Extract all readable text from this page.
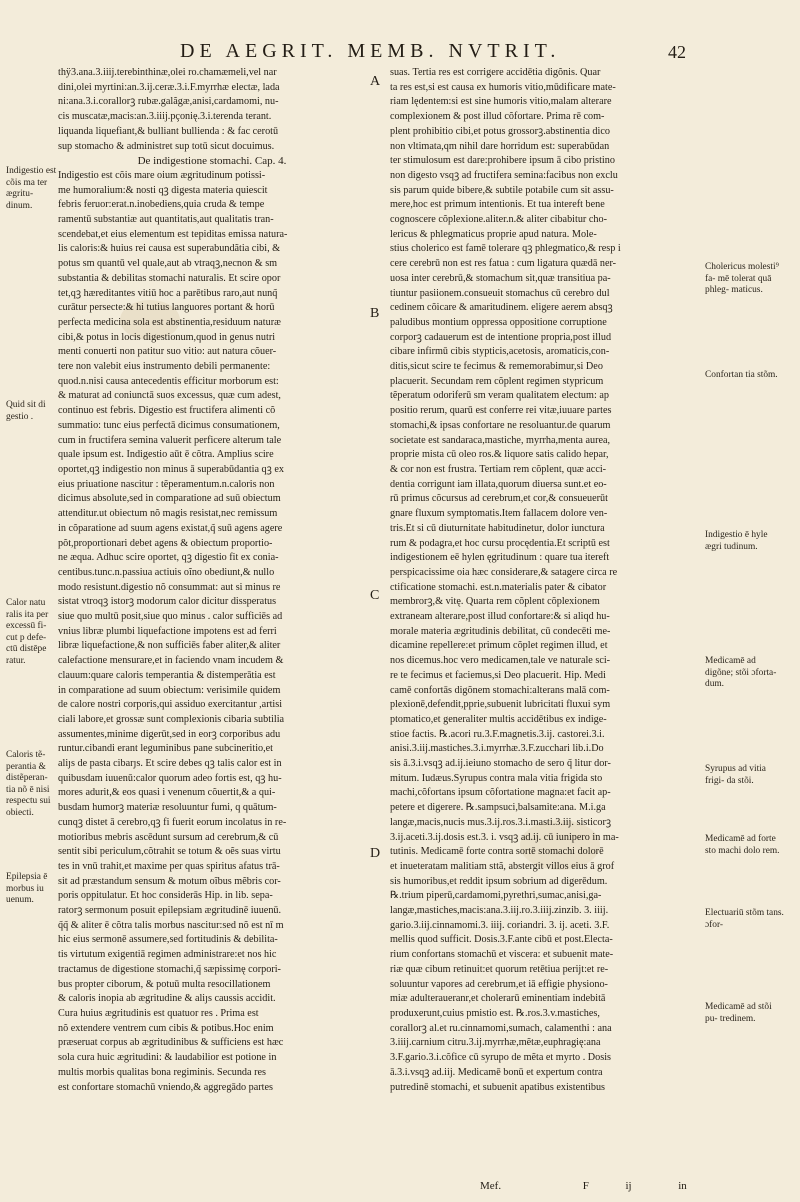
DE AEGRIT. MEMB. NVTRIT.	42

thÿ3.ana.3.iiij.terebinthinæ,olei ro.chamæmeli,vel nar

dini,olei myrtini:an.3.ij.ceræ.3.i.F.myrrhæ electæ, lada

ni:ana.3.i.corallorꝫ rubæ.galãgæ,anisi,cardamomi, nu-

cis muscatæ,macis:an.3.iiij.pçonię.3.i.terenda terant.

liquanda liquefiant,& bulliant bullienda : & fac cerotū

sup stomacho & administret sup totū sicut docuimus.

De indigestione stomachi. Cap. 4.

Indigestio est cõis mare oium ægritudinum potissi-

me humoralium:& nosti qꝫ digesta materia quiescit

febris feruor:erat.n.inobediens,quia cruda & tempe

ramentū substantiæ aut quantitatis,aut qualitatis tran-

scendebat,et eius elementum est tepiditas emissa natura-

lis caloris:& huius rei causa est superabundãtia cibi, &

potus sm quantū vel quale,aut ab vtraqꝫ,necnon & sm

substantia & debilitas stomachi naturalis. Et scire opor

tet,qꝫ hæreditantes vitiū hoc a parētibus raro,aut nunq̃

curātur persecte:& hi tutius languores portant & horū

perfecta medicina sola est abstinentia,residuum naturæ

cibi,& potus in locis digestionum,quod in genus nutri

menti conuerti non patitur suo vitio: aut natura cõuer-

tere non valebit eius instrumento debili permanente:

quod.n.nisi causa antecedentis efficitur morborum est:

& maturat ad coniunctā suos excessus, quæ cum adest,

continuo est febris. Digestio est fructifera alimenti cõ

summatio: tunc eius perfectā dicimus consumationem,

cum in fructifera semina valuerit perficere alterum tale

quale ipsum est. Indigestio aūt ē cõtra. Amplius scire

oportet,qꝫ indigestio non minus ā superabūdantia qꝫ ex

eius priuatione nascitur : tẽperamentum.n.caloris non

dicimus absolute,sed in comparatione ad suū obiectum

attenditur.ut obiectum nõ magis resistat,nec remissum

in cõparatione ad suum agens existat,q̃ suū agens agere

põt,proportionari debet agens & obiectum proportio-

ne æqua. Adhuc scire oportet, qꝫ digestio fit ex conia-

centibus.tunc.n.passiua actiuis oĩno obediunt,& nullo

modo resistunt.digestio nõ consummat: aut si minus re

sistat vtroqꝫ istorꝫ modorum calor dicitur dissperatus

siue quo multū posit,siue quo minus . calor sufficiēs ad

vnius libræ plumbi liquefactione impotens est ad ferri

libræ liquefactione,& non sufficiēs faber aliter,& aliter

calefactione mensurare,et in faciendo vnam incudem &

clauum:quare caloris temperantia & distemperātia est

in comparatione ad suum obiectum: verisimile quidem

de calore nostri corporis,qui assiduo exercitantur ,artisi

ciali labore,et grossæ sunt complexionis cibaria subtilia

assumentes,minime digerūt,sed in eorꝫ corporibus adu

runtur.cibandi erant leguminibus pane subcineritio,et

aliȷs de pasta cibarȷs. Et scire debes qꝫ talis calor est in

quibusdam iuuenū:calor quorum adeo fortis est, qꝫ hu-

mores adurit,& eos quasi i venenum cõuertit,& a qui-

busdam humorꝫ materiæ resoluuntur fumi, q quātum-

cunqꝫ distet ā cerebro,qꝫ fi fuerit eorum incolatus in re-

motioribus mebris ascēdunt sursum ad cerebrum,& cū

sentit sibi periculum,cõtrahit se totum & oẽs suas virtu

tes in vnū trahit,et maxime per quas spiritus afatus trā-

sit ad præstandum sensum & motum oĩbus mẽbris cor-

poris oppitulatur. Et hoc considerās Hip. in lib. sepa-

ratorꝫ sermonum posuit epilepsiam ægritudinē iuuenū.

q̃q̃ & aliter ē cõtra talis morbus nascitur:sed nõ est nī m

hic eius sermonē assumere,sed fortitudinis & debilita-

tis virtutum exigentiā regimen administrare:et nos hic

tractamus de digestione stomachi,q̃ sæpissimę corpori-

bus propter ciborum, & potuū multa resocillationem

& caloris inopia ab ægritudine & aliȷs caussis accidit.

Cura huius ægritudinis est quatuor res . Prima est

nõ extendere ventrem cum cibis & potibus.Hoc enim

præseruat corpus ab ægritudinibus & sufficiens est hæc

sola cura huic ægritudini: & laudabilior est potione in

multis morbis qualitas bona regiminis. Secunda res

est confortare stomachū vniendo,& aggregādo partes

suas. Tertia res est corrigere accidētia digõnis. Quar

ta res est,si est causa ex humoris vitio,mūdificare mate-

riam lędentem:si est sine humoris vitio,malam alterare

complexionem & post illud cõfortare. Prima rē com-

plent prohibitio cibi,et potus grossorꝫ.abstinentia dico

non vltimata,qm nihil dare horridum est: superabūdan

ter stimulosum est dare:prohibere ipsum ā cibo pristino

non digesto vsqꝫ ad fructifera semina:facibus non exclu

sis parum quide bibere,& subtile potabile cum sit assu-

mere,hoc est primum intentionis. Et tua intereft bene

cognoscere cõplexione.aliter.n.& aliter cibabitur cho-

lericus & phlegmaticus proprie apud natura. Mole-

stius cholerico est famē tolerare qꝫ phlegmatico,& resp i

cere cerebrū non est res fatua : cum ligatura quædā ner-

uosa inter cerebrū,& stomachum sit,quæ transitiua pa-

tiuntur pasiionem.consueuit stomachus cū cerebro dul

cedinem cõicare & amaritudinem. eligere aerem absqꝫ

paludibus montium oppressa oppositione corruptione

corporꝫ cadauerum est de intentione propria,post illud

cibare infirmū cibis stypticis,acetosis, aromaticis,con-

ditis,sicut scire te fecimus & rememorabimur,si Deo

placuerit. Secundam rem cõplent regimen stypricum

tẽperatum odoriferū sm veram qualitatem electum: ap

positio rerum, quarū est conferre rei vitæ,iuuare partes

stomachi,& ipsas confortare ne resoluantur.de quarum

societate est sandaraca,mastiche, myrrha,menta aurea,

proprie mista cū oleo ros.& liquore satis calido hepar,

& cor non est frustra. Tertiam rem cõplent, quæ acci-

dentia corrigunt iam illata,quorum diuersa sunt.et eo-

rū primus cõcursus ad cerebrum,et cor,& consueuerūt

gnare fluxum symptomatis.Item fallacem dolore ven-

tris.Et si cū diuturnitate habitudinetur, dolor iunctura

rum & podagra,et hoc cursu procędentia.Et scriptū est

indigestionem eē hylen ęgritudinum : quare tua itereft

perspicacissime oia hæc considerare,& satagere circa re

ctificatione stomachi. est.n.materialis pater & cibator

membrorꝫ,& vitę. Quarta rem cõplent cõplexionem

extraneam alterare,post illud confortare:& si aliqd hu-

morale materia ægritudinis debilitat, cū condecēti me-

dicamine repellere:et primum cõplet regimen illud, et

nos dicemus.hoc vero medicamen,tale ve naturale sci-

re te fecimus et faciemus,si Deo placuerit. Hip. Medi

camē confortās digõnem stomachi:alterans malā com-

plexionē,defendit,pprie,subuenit lubricitati fluxui sym

ptomatico,et generaliter multis accidētibus ex indige-

stioe factis. ℞.acori ru.3.F.magnetis.3.ij. castorei.3.i.

anisi.3.iij.mastiches.3.i.myrrhæ.3.F.zucchari lib.i.Do

sis ā.3.i.vsqꝫ ad.ij.ieiuno stomacho de sero q̃ litur dor-

mitum. Iudæus.Syrupus contra mala vitia frigida sto

machi,cõfortans ipsum cõfortatione magna:et facit ap-

petere et digerere. ℞.sampsuci,balsamite:ana. M.i.ga

langæ,macis,nucis mus.3.ij.ros.3.i.masti.3.iij. sisticorꝫ

3.ij.aceti.3.ij.dosis est.3. i. vsqꝫ ad.ij. cū iunipero in ma-

tutinis. Medicamē forte contra sortē stomachi dolorē

et inueteratam malitiam sttã, abstergit villos eius ā grof

sis humoribus,et reddit ipsum sobrium ad digerēdum.

℞.trium piperū,cardamomi,pyrethri,sumac,anisi,ga-

langæ,mastiches,macis:ana.3.iij.ro.3.iiij.zinzib. 3. iiij.

gario.3.iij.cinnamomi.3. iiij. coriandri. 3. ij. aceti. 3.F.

mellis quod sufficit. Dosis.3.F.ante cibū et post.Electa-

rium confortans stomachū et viscera: et subuenit mate-

riæ quæ cibum retinuit:et quorum retētiua perijt:et re-

soluuntur vapores ad cerebrum,et iā effigie physiono-

miæ adulteraueranr,et cholerarū eminentiam indebitā

produxerunt,cuius pmistio est. ℞.ros.3.v.mastiches,

corallorꝫ al.et ru.cinnamomi,sumach, calamenthi : ana

3.iiij.carnium citru.3.ij.myrrhæ,mẽtæ,euphragię:ana

3.F.gario.3.i.cõfice cū syrupo de mẽta et myrto . Dosis

ā.3.i.vsqꝫ ad.iij. Medicamē bonū et expertum contra

putredinē stomachi, et subuenit apatibus existentibus

A
B
C
D
Indigestio est cõis ma ter ægritu- dinum.
Quid sit di gestio .
Calor natu ralis ita per excessū fi- cut p defe- ctū distēpe ratur.
Caloris tẽ- perantia & distẽperan- tia nõ ē nisi respectu sui obiecti.
Epilepsia ē morbus iu uenum.
Cholericus molesti⁹ fa- mē tolerat quā phleg- maticus.
Confortan tia stõm.
Indigestio ē hyle ægri tudinum.
Medicamē ad digõne; stõi ɔforta- dum.
Syrupus ad vitia frigi- da stõi.
Medicamē ad forte sto machi dolo rem.
Electuariū stõm tans. ɔfor-
Medicamē ad stõi pu- tredinem.
Mef.	F	ij	in
